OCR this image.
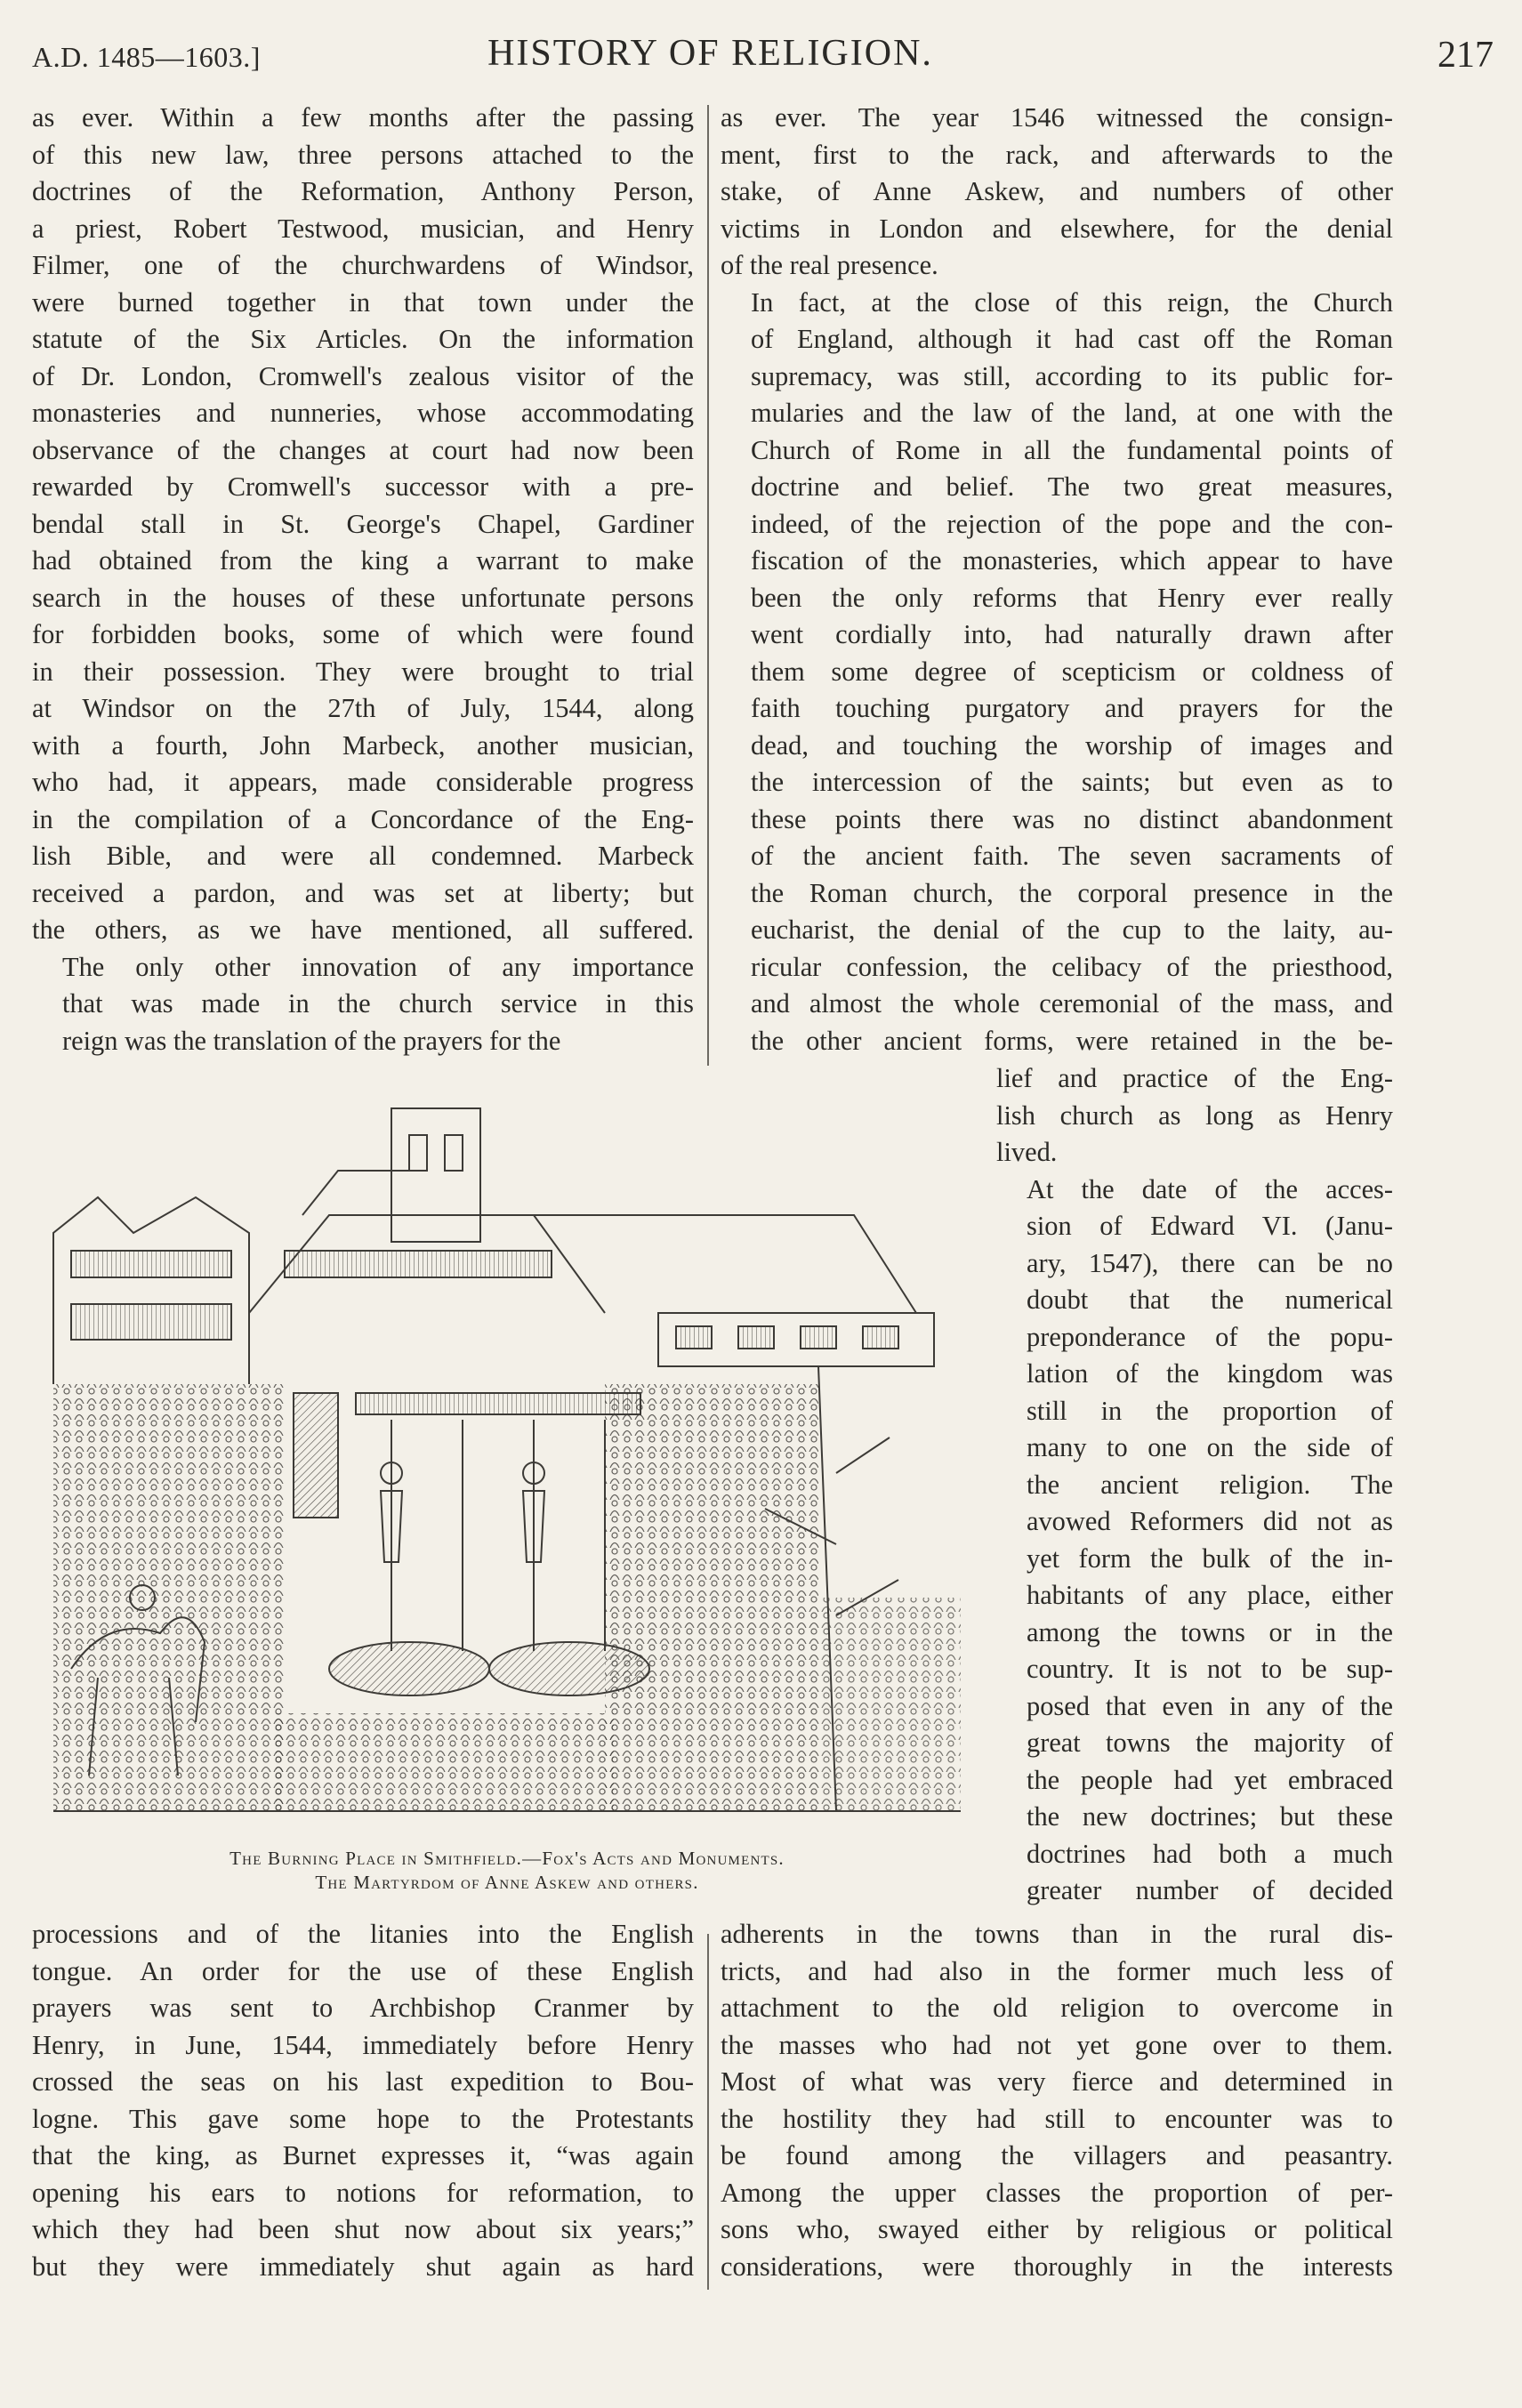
A.D. 1485—1603.]	HISTORY OF RELIGION.	217

as ever. Within a few months after the passing
of this new law, three persons attached to the
doctrines of the Reformation, Anthony Person,
a priest, Robert Testwood, musician, and Henry
Filmer, one of the churchwardens of Windsor,
were burned together in that town under the
statute of the Six Articles. On the information
of Dr. London, Cromwell's zealous visitor of the
monasteries and nunneries, whose accommodating
observance of the changes at court had now been
rewarded by Cromwell's successor with a pre-
bendal stall in St. George's Chapel, Gardiner
had obtained from the king a warrant to make
search in the houses of these unfortunate persons
for forbidden books, some of which were found
in their possession. They were brought to trial
at Windsor on the 27th of July, 1544, along
with a fourth, John Marbeck, another musician,
who had, it appears, made considerable progress
in the compilation of a Concordance of the Eng-
lish Bible, and were all condemned. Marbeck
received a pardon, and was set at liberty; but
the others, as we have mentioned, all suffered.

The only other innovation of any importance
that was made in the church service in this
reign was the translation of the prayers for the

as ever. The year 1546 witnessed the consign-
ment, first to the rack, and afterwards to the
stake, of Anne Askew, and numbers of other
victims in London and elsewhere, for the denial
of the real presence.

In fact, at the close of this reign, the Church
of England, although it had cast off the Roman
supremacy, was still, according to its public for-
mularies and the law of the land, at one with the
Church of Rome in all the fundamental points of
doctrine and belief. The two great measures,
indeed, of the rejection of the pope and the con-
fiscation of the monasteries, which appear to have
been the only reforms that Henry ever really
went cordially into, had naturally drawn after
them some degree of scepticism or coldness of
faith touching purgatory and prayers for the
dead, and touching the worship of images and
the intercession of the saints; but even as to
these points there was no distinct abandonment
of the ancient faith. The seven sacraments of
the Roman church, the corporal presence in the
eucharist, the denial of the cup to the laity, au-
ricular confession, the celibacy of the priesthood,
and almost the whole ceremonial of the mass, and
the other ancient forms, were retained in the be-

lief and practice of the Eng-
lish church as long as Henry
lived.

At the date of the acces-
sion of Edward VI. (Janu-
ary, 1547), there can be no
doubt that the numerical
preponderance of the popu-
lation of the kingdom was
still in the proportion of
many to one on the side of
the ancient religion. The
avowed Reformers did not as
yet form the bulk of the in-
habitants of any place, either
among the towns or in the
country. It is not to be sup-
posed that even in any of the
great towns the majority of
the people had yet embraced
the new doctrines; but these
doctrines had both a much
greater number of decided

The Burning Place in Smithfield.—Fox's Acts and Monuments.
The Martyrdom of Anne Askew and others.

processions and of the litanies into the English
tongue. An order for the use of these English
prayers was sent to Archbishop Cranmer by
Henry, in June, 1544, immediately before Henry
crossed the seas on his last expedition to Bou-
logne. This gave some hope to the Protestants
that the king, as Burnet expresses it, “was again
opening his ears to notions for reformation, to
which they had been shut now about six years;”
but they were immediately shut again as hard

adherents in the towns than in the rural dis-
tricts, and had also in the former much less of
attachment to the old religion to overcome in
the masses who had not yet gone over to them.
Most of what was very fierce and determined in
the hostility they had still to encounter was to
be found among the villagers and peasantry.
Among the upper classes the proportion of per-
sons who, swayed either by religious or political
considerations, were thoroughly in the interests
